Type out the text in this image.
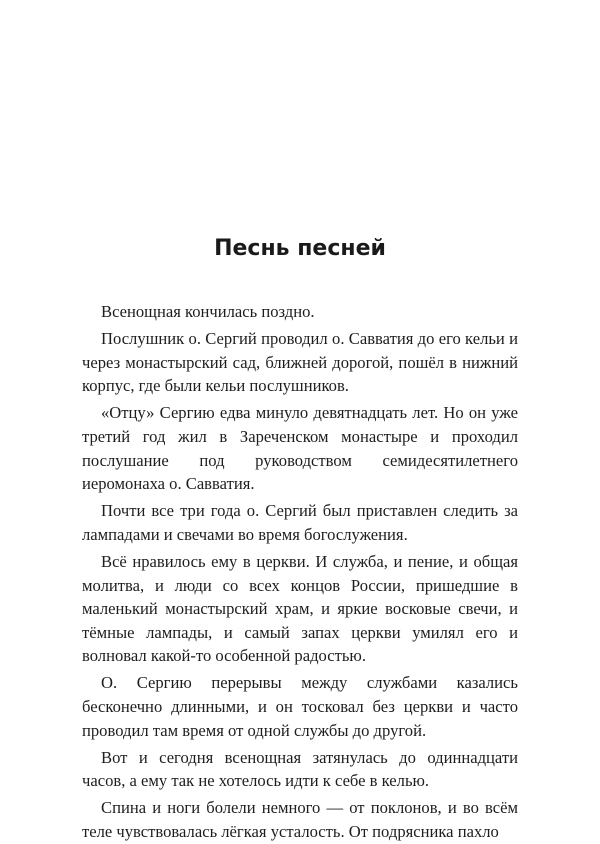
Песнь песней

Всенощная кончилась поздно.

Послушник о. Сергий проводил о. Савватия до его кельи и через монастырский сад, ближней дорогой, пошёл в нижний корпус, где были кельи послушников.

«Отцу» Сергию едва минуло девятнадцать лет. Но он уже третий год жил в Зареченском монастыре и проходил послушание под руководством семидесятилетнего иеромонаха о. Савватия.

Почти все три года о. Сергий был приставлен следить за лампадами и свечами во время богослужения.

Всё нравилось ему в церкви. И служба, и пение, и общая молитва, и люди со всех концов России, пришедшие в маленький монастырский храм, и яркие восковые свечи, и тёмные лампады, и самый запах церкви умилял его и волновал какой-то особенной радостью.

О. Сергию перерывы между службами казались бесконечно длинными, и он тосковал без церкви и часто проводил там время от одной службы до другой.

Вот и сегодня всенощная затянулась до одиннадцати часов, а ему так не хотелось идти к себе в келью.

Спина и ноги болели немного — от поклонов, и во всём теле чувствовалась лёгкая усталость. От подрясника пахло
